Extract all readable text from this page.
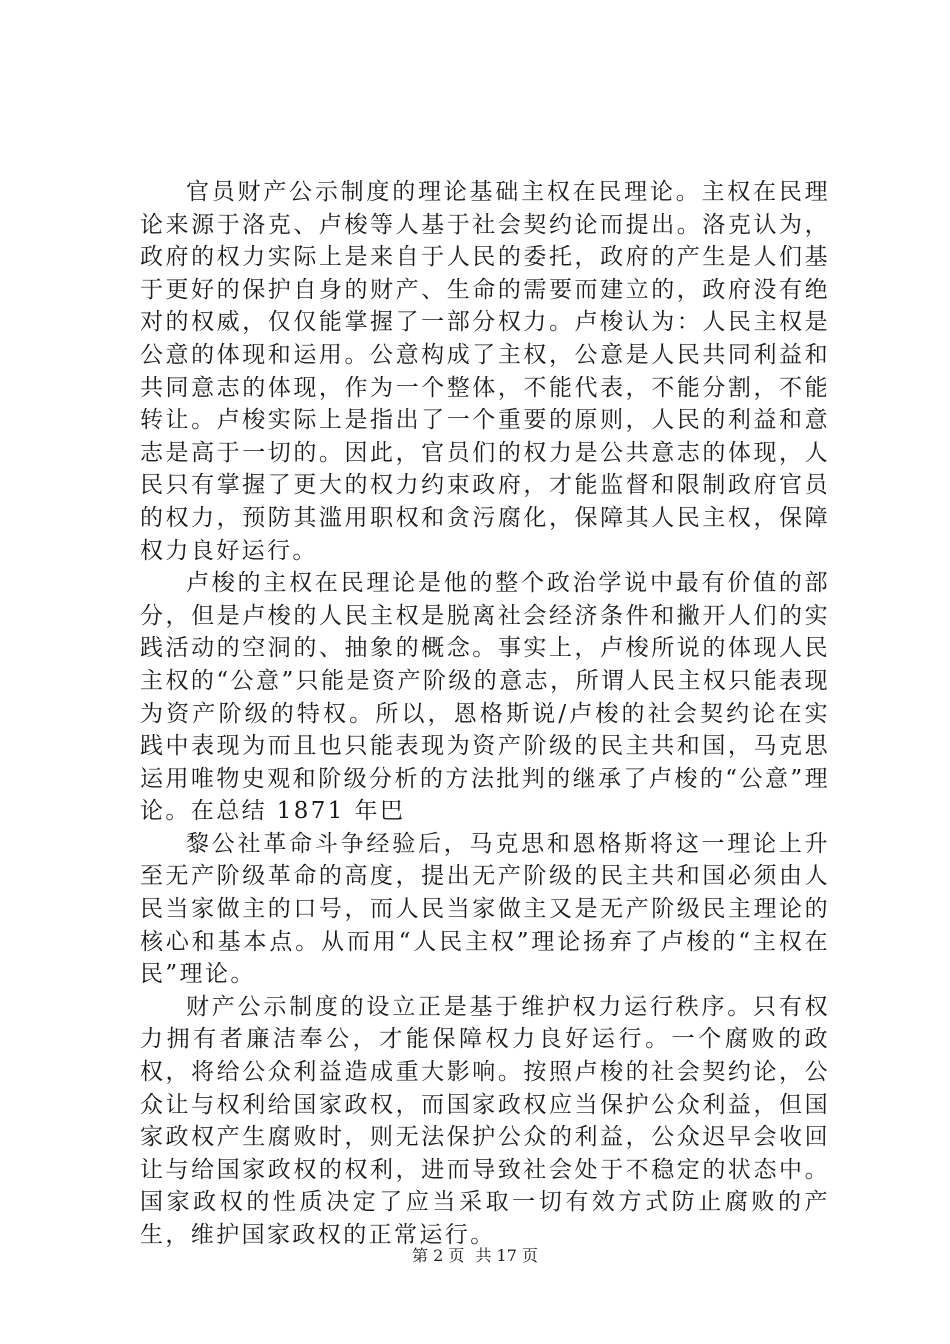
官员财产公示制度的理论基础主权在民理论。主权在民理论来源于洛克、卢梭等人基于社会契约论而提出。洛克认为，政府的权力实际上是来自于人民的委托，政府的产生是人们基于更好的保护自身的财产、生命的需要而建立的，政府没有绝对的权威，仅仅能掌握了一部分权力。卢梭认为：人民主权是公意的体现和运用。公意构成了主权，公意是人民共同利益和共同意志的体现，作为一个整体，不能代表，不能分割，不能转让。卢梭实际上是指出了一个重要的原则，人民的利益和意志是高于一切的。因此，官员们的权力是公共意志的体现，人民只有掌握了更大的权力约束政府，才能监督和限制政府官员的权力，预防其滥用职权和贪污腐化，保障其人民主权，保障权力良好运行。

卢梭的主权在民理论是他的整个政治学说中最有价值的部分，但是卢梭的人民主权是脱离社会经济条件和撇开人们的实践活动的空洞的、抽象的概念。事实上，卢梭所说的体现人民主权的“公意”只能是资产阶级的意志，所谓人民主权只能表现为资产阶级的特权。所以，恩格斯说/卢梭的社会契约论在实践中表现为而且也只能表现为资产阶级的民主共和国，马克思运用唯物史观和阶级分析的方法批判的继承了卢梭的“公意”理论。在总结 1871 年巴

黎公社革命斗争经验后，马克思和恩格斯将这一理论上升至无产阶级革命的高度，提出无产阶级的民主共和国必须由人民当家做主的口号，而人民当家做主又是无产阶级民主理论的核心和基本点。从而用“人民主权”理论扬弃了卢梭的“主权在民”理论。

财产公示制度的设立正是基于维护权力运行秩序。只有权力拥有者廉洁奉公，才能保障权力良好运行。一个腐败的政权，将给公众利益造成重大影响。按照卢梭的社会契约论，公众让与权利给国家政权，而国家政权应当保护公众利益，但国家政权产生腐败时，则无法保护公众的利益，公众迟早会收回让与给国家政权的权利，进而导致社会处于不稳定的状态中。国家政权的性质决定了应当采取一切有效方式防止腐败的产生，维护国家政权的正常运行。

第 2 页 共 17 页
